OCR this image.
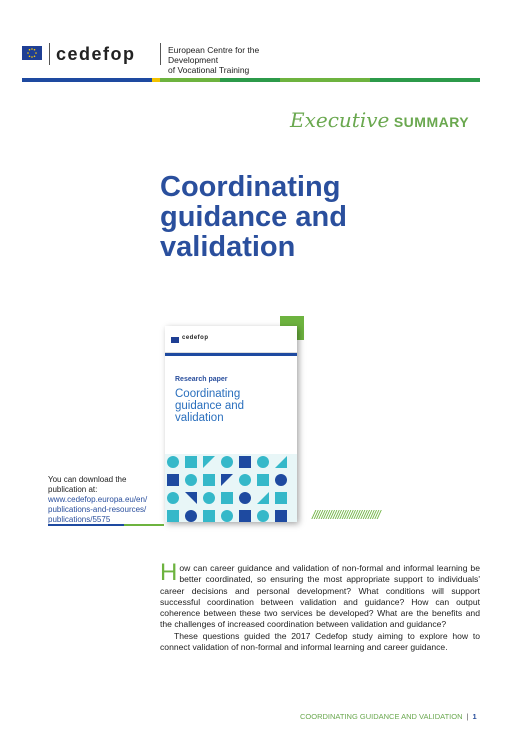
cedefop	European Centre for the Development
of Vocational Training
Executive SUMMARY
Coordinating
guidance and
validation
cedefop
Research paper
Coordinating
guidance and
validation
You can download the
publication at:
www.cedefop.europa.eu/en/
publications-and-resources/
publications/5575	/////////////////////////////
How can career guidance and validation of non-formal and informal learning be better coordinated, so ensuring the most appropriate support to individuals' career decisions and personal development? What conditions will support successful coordination between validation and guidance? How can output coherence between these two services be developed? What are the benefits and the challenges of increased coordination between validation and guidance?
These questions guided the 2017 Cedefop study aiming to explore how to connect validation of non-formal and informal learning and career guidance.
COORDINATING GUIDANCE AND VALIDATION | 1
